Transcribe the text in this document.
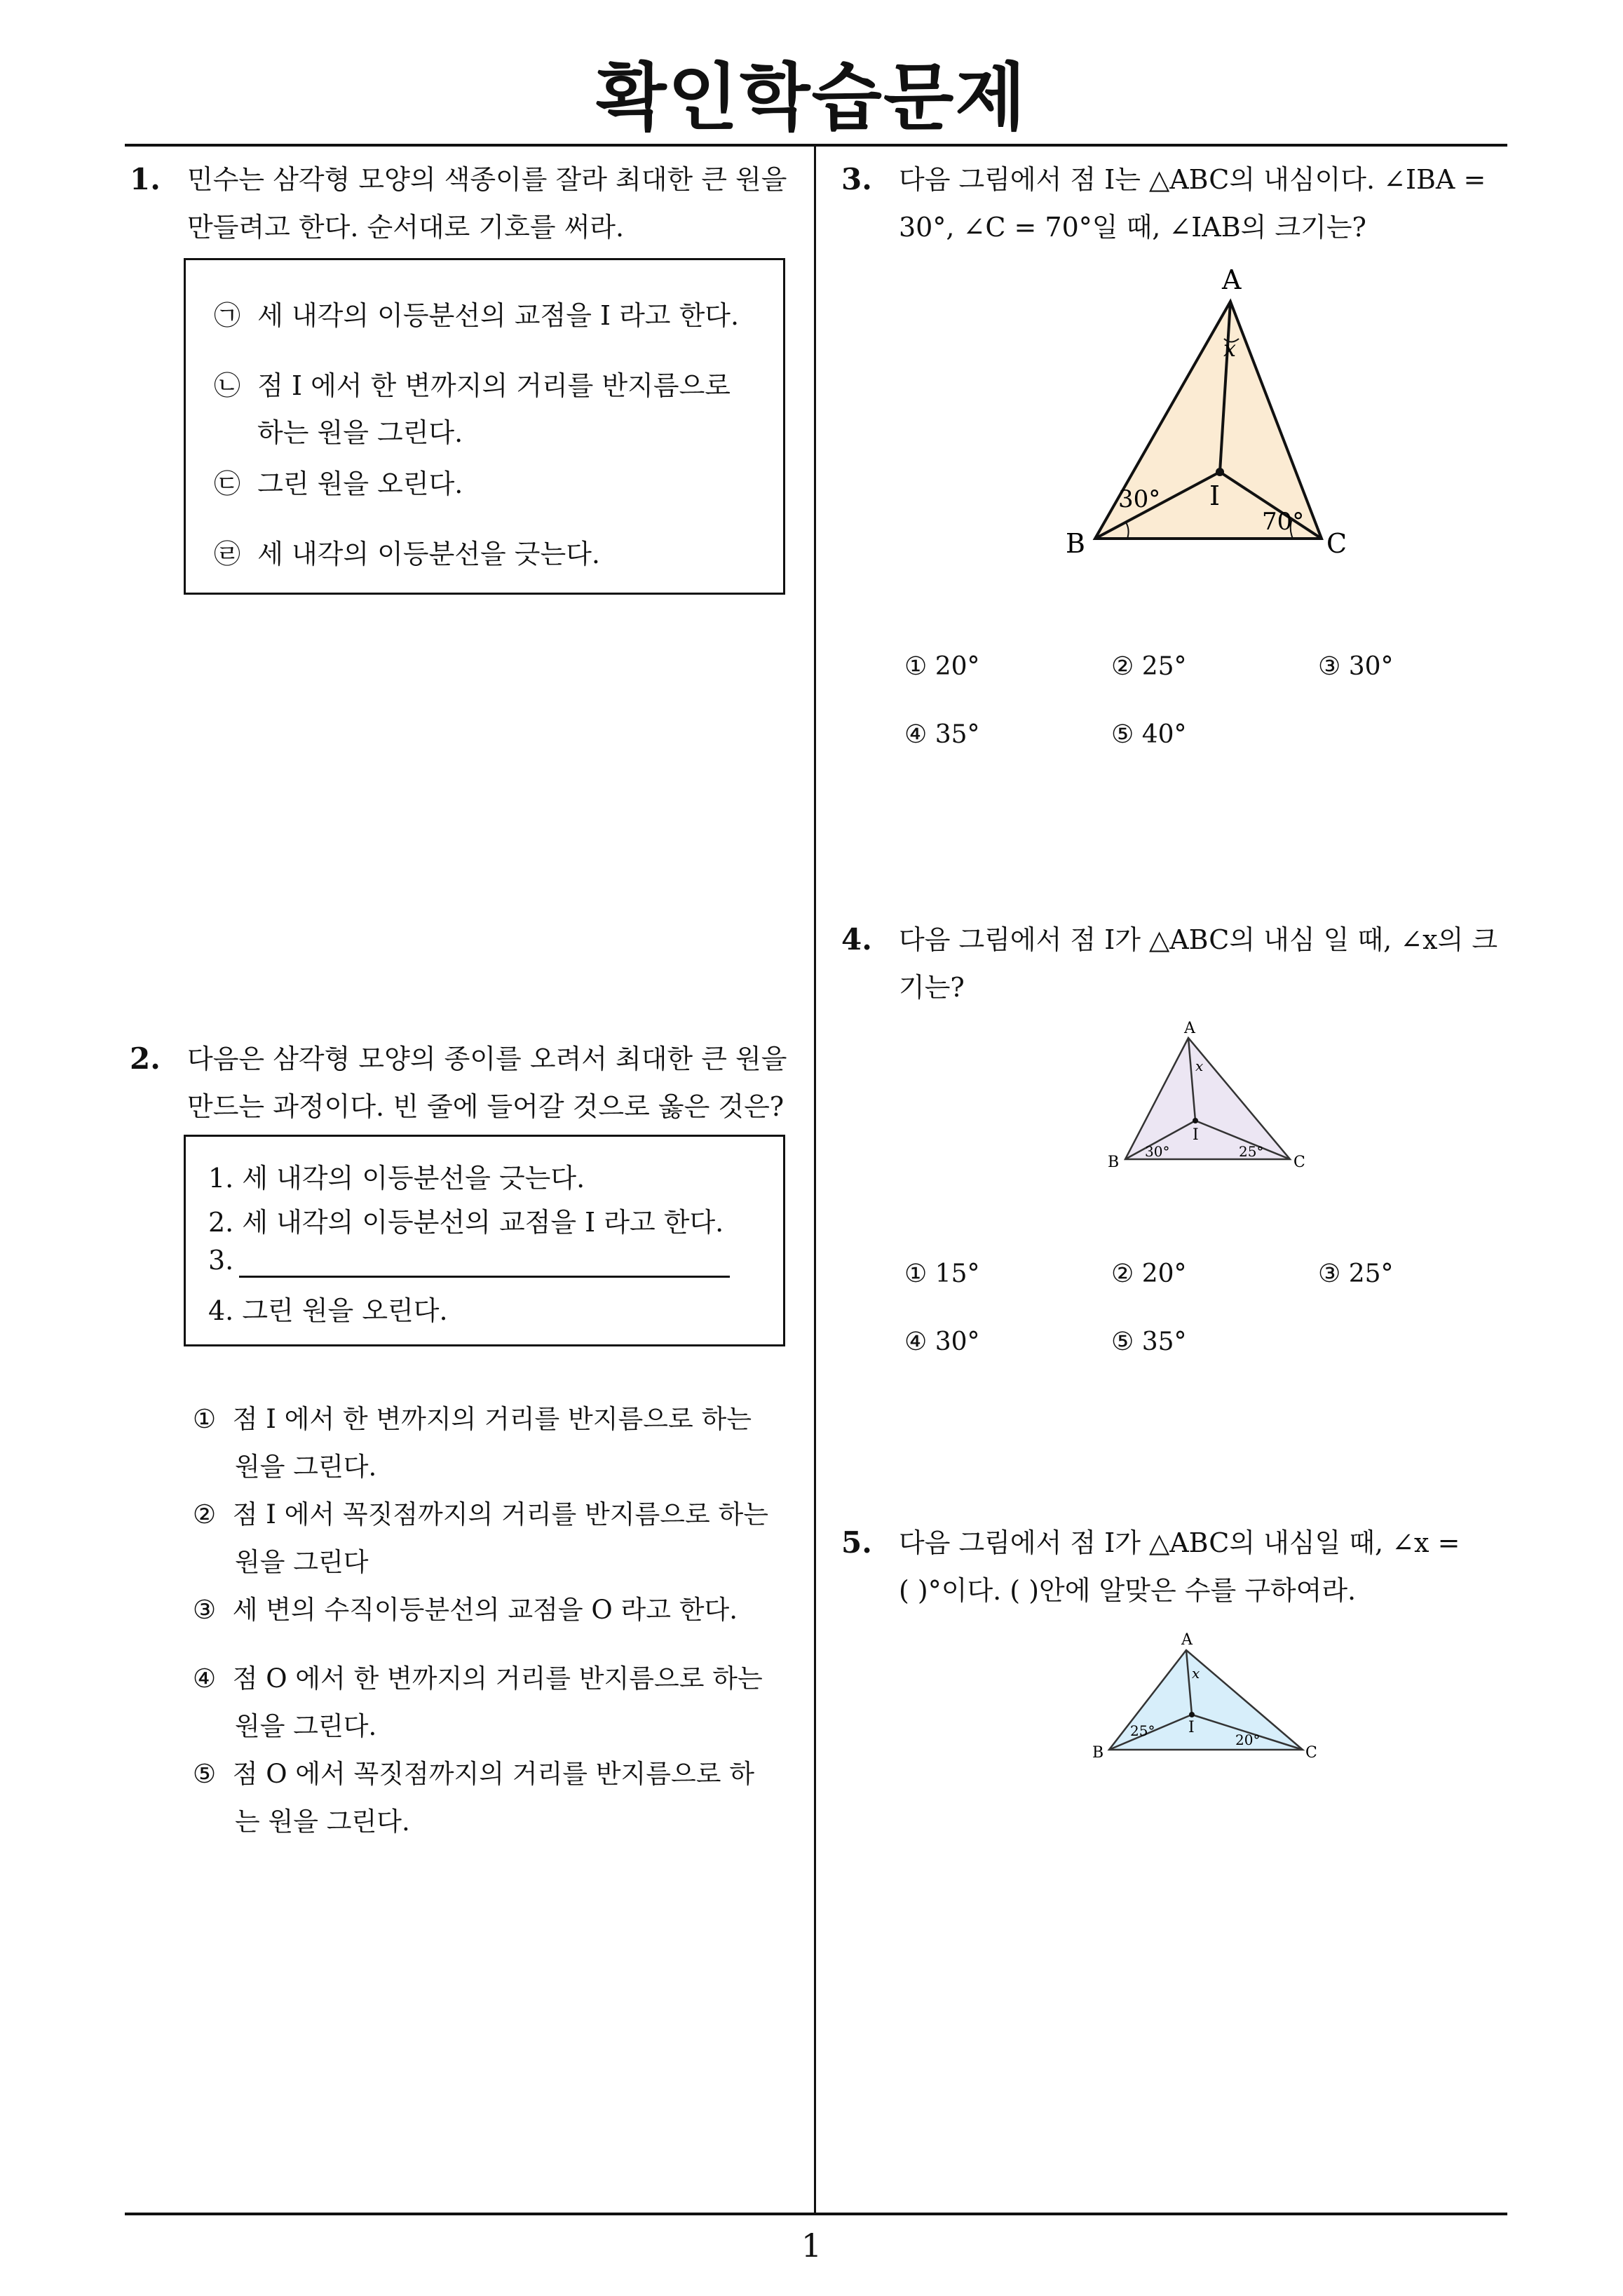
확인학습문제
1
1. 민수는 삼각형 모양의 색종이를 잘라 최대한 큰 원을
만들려고 한다. 순서대로 기호를 써라.
㉠ 세 내각의 이등분선의 교점을 I 라고 한다.
㉡ 점 I 에서 한 변까지의 거리를 반지름으로
하는 원을 그린다.
㉢ 그린 원을 오린다.
㉣ 세 내각의 이등분선을 긋는다.
2. 다음은 삼각형 모양의 종이를 오려서 최대한 큰 원을
만드는 과정이다. 빈 줄에 들어갈 것으로 옳은 것은?
1. 세 내각의 이등분선을 긋는다.
2. 세 내각의 이등분선의 교점을 I 라고 한다.
3.
4. 그린 원을 오린다.
① 점 I 에서 한 변까지의 거리를 반지름으로 하는
원을 그린다.
② 점 I 에서 꼭짓점까지의 거리를 반지름으로 하는
원을 그린다
③ 세 변의 수직이등분선의 교점을 O 라고 한다.
④ 점 O 에서 한 변까지의 거리를 반지름으로 하는
원을 그린다.
⑤ 점 O 에서 꼭짓점까지의 거리를 반지름으로 하
는 원을 그린다.
3. 다음 그림에서 점 I는 △ABC의 내심이다. ∠IBA =
30°, ∠C = 70°일 때, ∠IAB의 크기는?
A
B	C
I
x
30°
70°
① 20°	② 25°	③ 30°
④ 35°	⑤ 40°
4. 다음 그림에서 점 I가 △ABC의 내심 일 때, ∠x의 크
기는?
A
B	C
I
x
30°	25°
① 15°	② 20°	③ 25°
④ 30°	⑤ 35°
5. 다음 그림에서 점 I가 △ABC의 내심일 때, ∠x =
( )°이다. ( )안에 알맞은 수를 구하여라.
A
B	C
I
x
25°
20°
